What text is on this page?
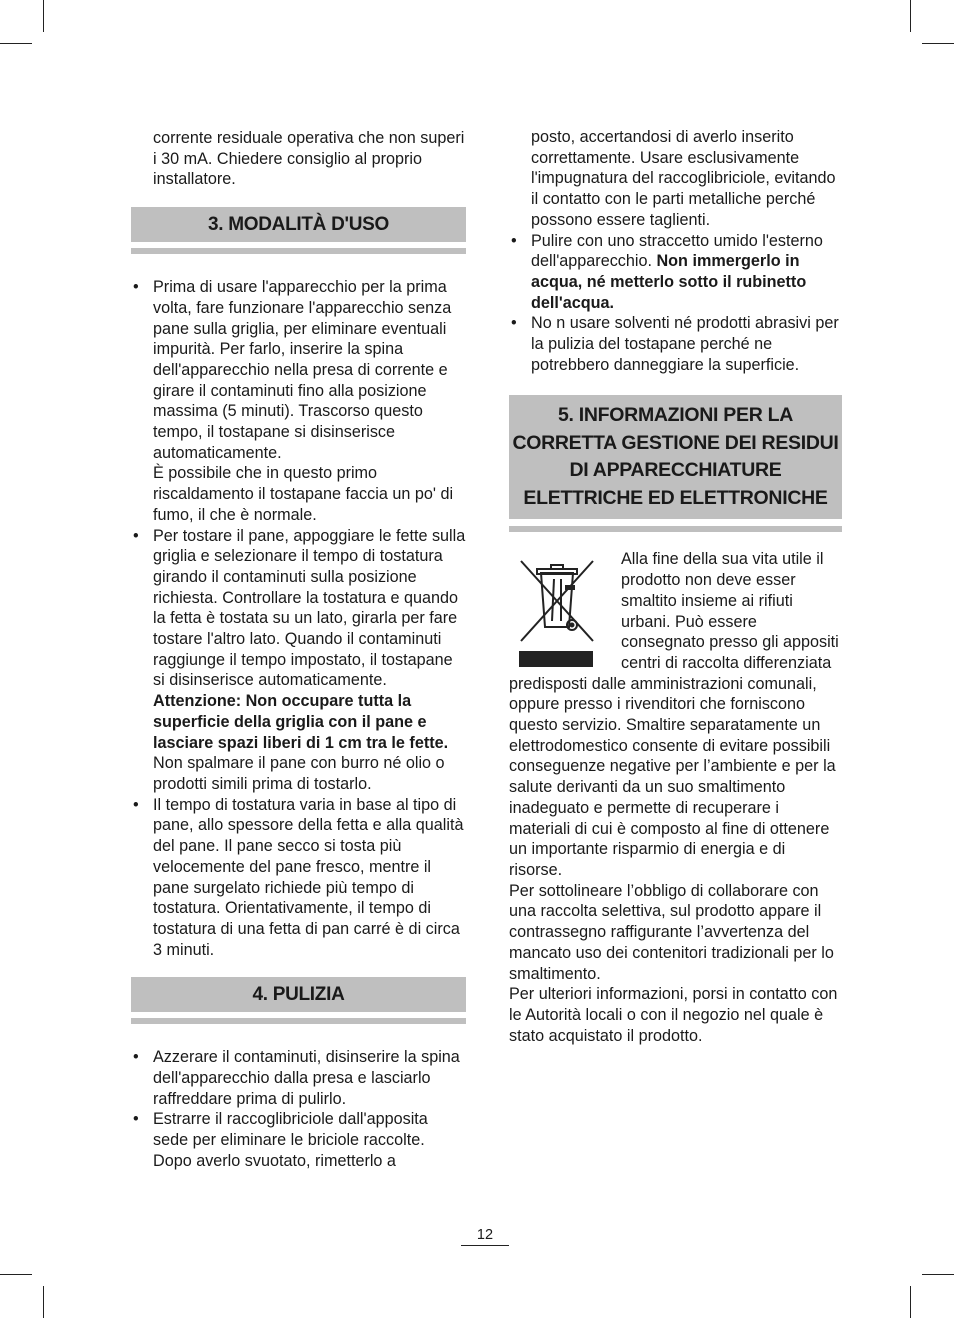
corrente residuale operativa che non superi i 30 mA. Chiedere consiglio al proprio installatore.

3. MODALITÀ D'USO

• Prima di usare l'apparecchio per la prima volta, fare funzionare l'apparecchio senza pane sulla griglia, per eliminare eventuali impurità. Per farlo, inserire la spina dell'apparecchio nella presa di corrente e girare il contaminuti fino alla posizione massima (5 minuti). Trascorso questo tempo, il tostapane si disinserisce automaticamente.

È possibile che in questo primo riscaldamento il tostapane faccia un po' di fumo, il che è normale.

• Per tostare il pane, appoggiare le fette sulla griglia e selezionare il tempo di tostatura girando il contaminuti sulla posizione richiesta. Controllare la tostatura e quando la fetta è tostata su un lato, girarla per fare tostare l'altro lato. Quando il contaminuti raggiunge il tempo impostato, il tostapane si disinserisce automaticamente.

Attenzione: Non occupare tutta la superficie della griglia con il pane e lasciare spazi liberi di 1 cm tra le fette.

Non spalmare il pane con burro né olio o prodotti simili prima di tostarlo.

• Il tempo di tostatura varia in base al tipo di pane, allo spessore della fetta e alla qualità del pane. Il pane secco si tosta più velocemente del pane fresco, mentre il pane surgelato richiede più tempo di tostatura. Orientativamente, il tempo di tostatura di una fetta di pan carré è di circa 3 minuti.

4. PULIZIA
• Azzerare il contaminuti, disinserire la spina dell'apparecchio dalla presa e lasciarlo raffreddare prima di pulirlo.
• Estrarre il raccoglibriciole dall'apposita sede per eliminare le briciole raccolte. Dopo averlo svuotato, rimetterlo a

posto, accertandosi di averlo inserito correttamente. Usare esclusivamente l'impugnatura del raccoglibriciole, evitando il contatto con le parti metalliche perché possono essere taglienti.

• Pulire con uno straccetto umido l'esterno dell'apparecchio. Non immergerlo in acqua, né metterlo sotto il rubinetto dell'acqua.
• No n usare solventi né prodotti abrasivi per la pulizia del tostapane perché ne potrebbero danneggiare la superficie.
5. INFORMAZIONI PER LA CORRETTA GESTIONE DEI RESIDUI DI APPARECCHIATURE ELETTRICHE ED ELETTRONICHE

Alla fine della sua vita utile il prodotto non deve esser smaltito insieme ai rifiuti urbani. Può essere consegnato presso gli appositi centri di raccolta differenziata predisposti dalle amministrazioni comunali, oppure presso i rivenditori che forniscono questo servizio. Smaltire separatamente un elettrodomestico consente di evitare possibili conseguenze negative per l’ambiente e per la salute derivanti da un suo smaltimento inadeguato e permette di recuperare i materiali di cui è composto al fine di ottenere un importante risparmio di energia e di risorse.

Per sottolineare l’obbligo di collaborare con una raccolta selettiva, sul prodotto appare il contrassegno raffigurante l’avvertenza del mancato uso dei contenitori tradizionali per lo smaltimento.

Per ulteriori informazioni, porsi in contatto con le Autorità locali o con il negozio nel quale è stato acquistato il prodotto.

12
